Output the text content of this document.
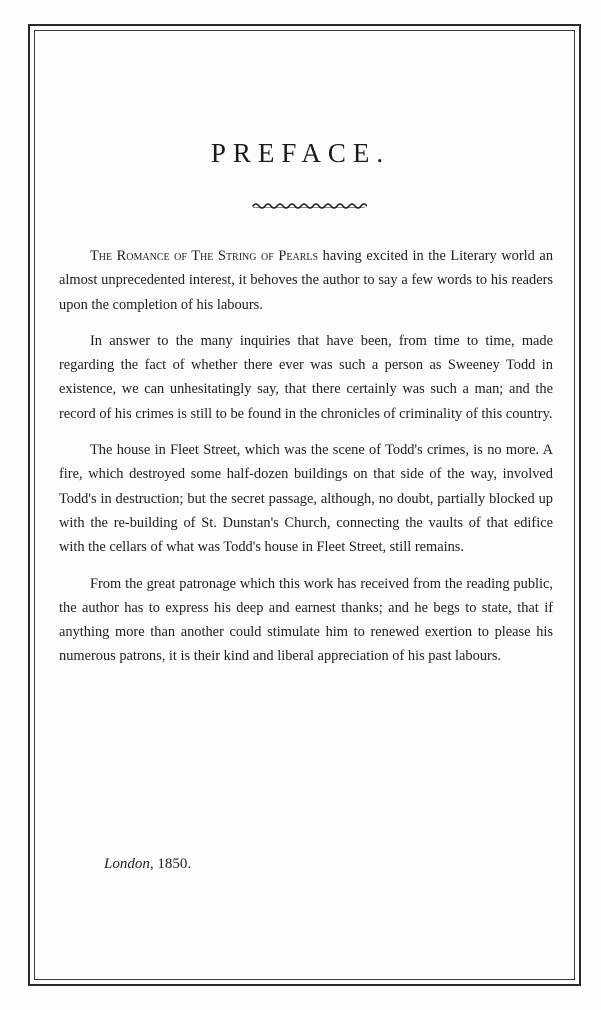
PREFACE.

The Romance of The String of Pearls having excited in the Literary world an almost unprecedented interest, it behoves the author to say a few words to his readers upon the completion of his labours.

In answer to the many inquiries that have been, from time to time, made regarding the fact of whether there ever was such a person as Sweeney Todd in existence, we can unhesitatingly say, that there certainly was such a man; and the record of his crimes is still to be found in the chronicles of criminality of this country.

The house in Fleet Street, which was the scene of Todd's crimes, is no more. A fire, which destroyed some half-dozen buildings on that side of the way, involved Todd's in destruction; but the secret passage, although, no doubt, partially blocked up with the re-building of St. Dunstan's Church, connecting the vaults of that edifice with the cellars of what was Todd's house in Fleet Street, still remains.

From the great patronage which this work has received from the reading public, the author has to express his deep and earnest thanks; and he begs to state, that if anything more than another could stimulate him to renewed exertion to please his numerous patrons, it is their kind and liberal appreciation of his past labours.

London, 1850.
